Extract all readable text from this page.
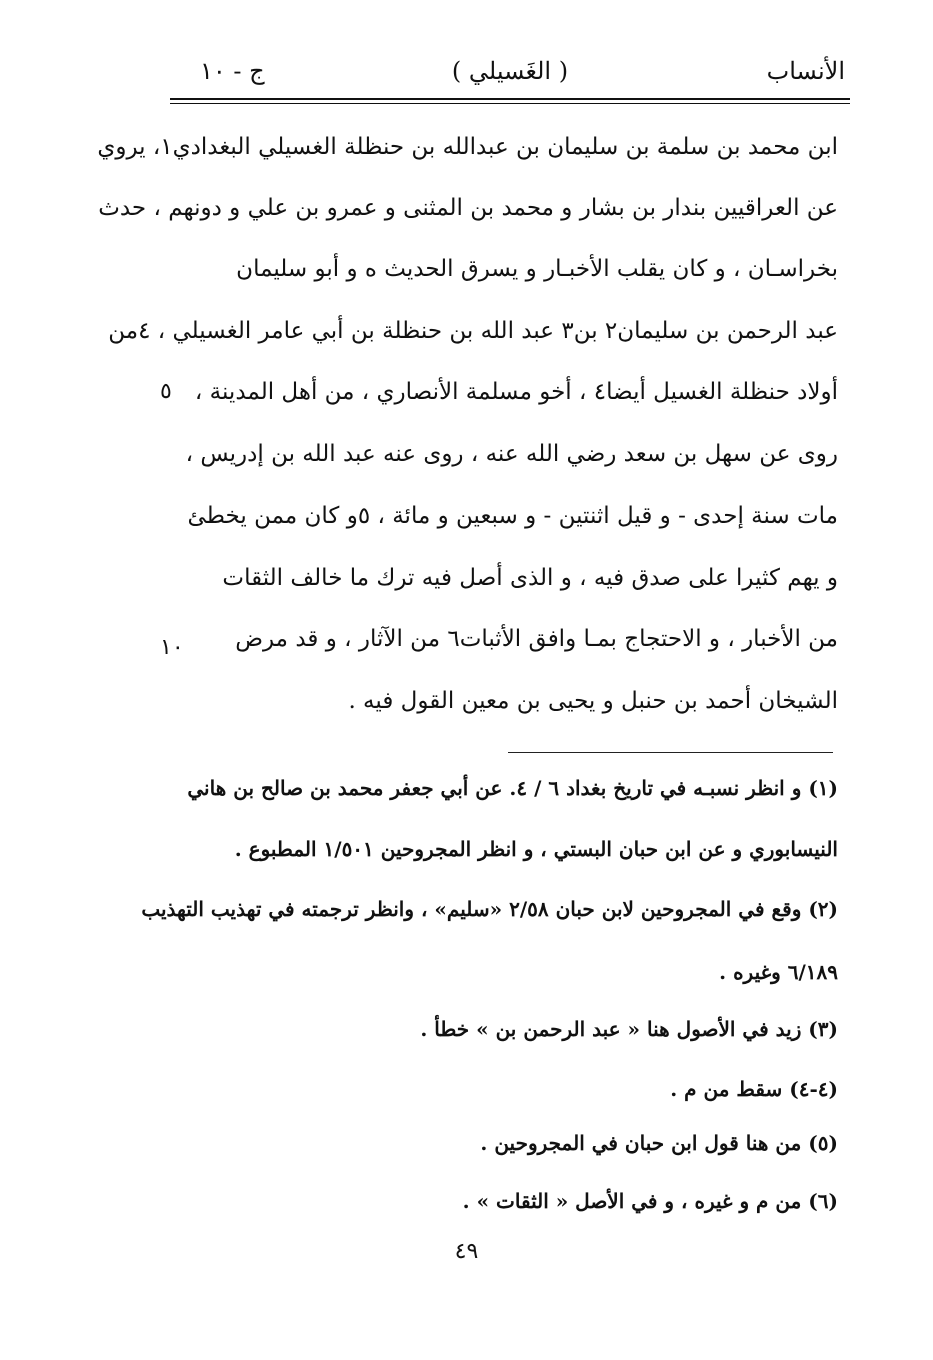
الأنساب
( الغَسيلي )
ج - ١٠
ابن محمد بن سلمة بن سليمان بن عبدالله بن حنظلة الغسيلي البغدادي١، يروي
عن العراقيين بندار بن بشار و محمد بن المثنى و عمرو بن علي و دونهم ، حدث
بخراسـان ، و كان يقلب الأخبـار و يسرق الحديث ه و أبو سليمان
عبد الرحمن بن سليمان٢ بن٣ عبد الله بن حنظلة بن أبي عامر الغسيلي ، ٤من
أولاد حنظلة الغسيل أيضا٤ ، أخو مسلمة الأنصاري ، من أهل المدينة ،
روى عن سهل بن سعد رضي الله عنه ، روى عنه عبد الله بن إدريس ،
مات سنة إحدى - و قيل اثنتين - و سبعين و مائة ، ٥و كان ممن يخطئ
و يهم كثيرا على صدق فيه ، و الذى أصل فيه ترك ما خالف الثقات
من الأخبار ، و الاحتجاج بمـا وافق الأثبات٦ من الآثار ، و قد مرض
الشيخان أحمد بن حنبل و يحيى بن معين القول فيه .
٥
١٠
(١) و انظر نسبـه في تاريخ بغداد ٦ / ٤. عن أبي جعفر محمد بن صالح بن هاني
النيسابوري و عن ابن حبان البستي ، و انظر المجروحين ١/٥٠١ المطبوع .
(٢) وقع في المجروحين لابن حبان ٢/٥٨ «سليم» ، وانظر ترجمته في تهذيب التهذيب
٦/١٨٩ وغيره .
(٣) زيد في الأصول هنا « عبد الرحمن بن » خطأ .
(٤-٤) سقط من م .
(٥) من هنا قول ابن حبان في المجروحين .
(٦) من م و غيره ، و في الأصل « الثقات » .
٤٩
